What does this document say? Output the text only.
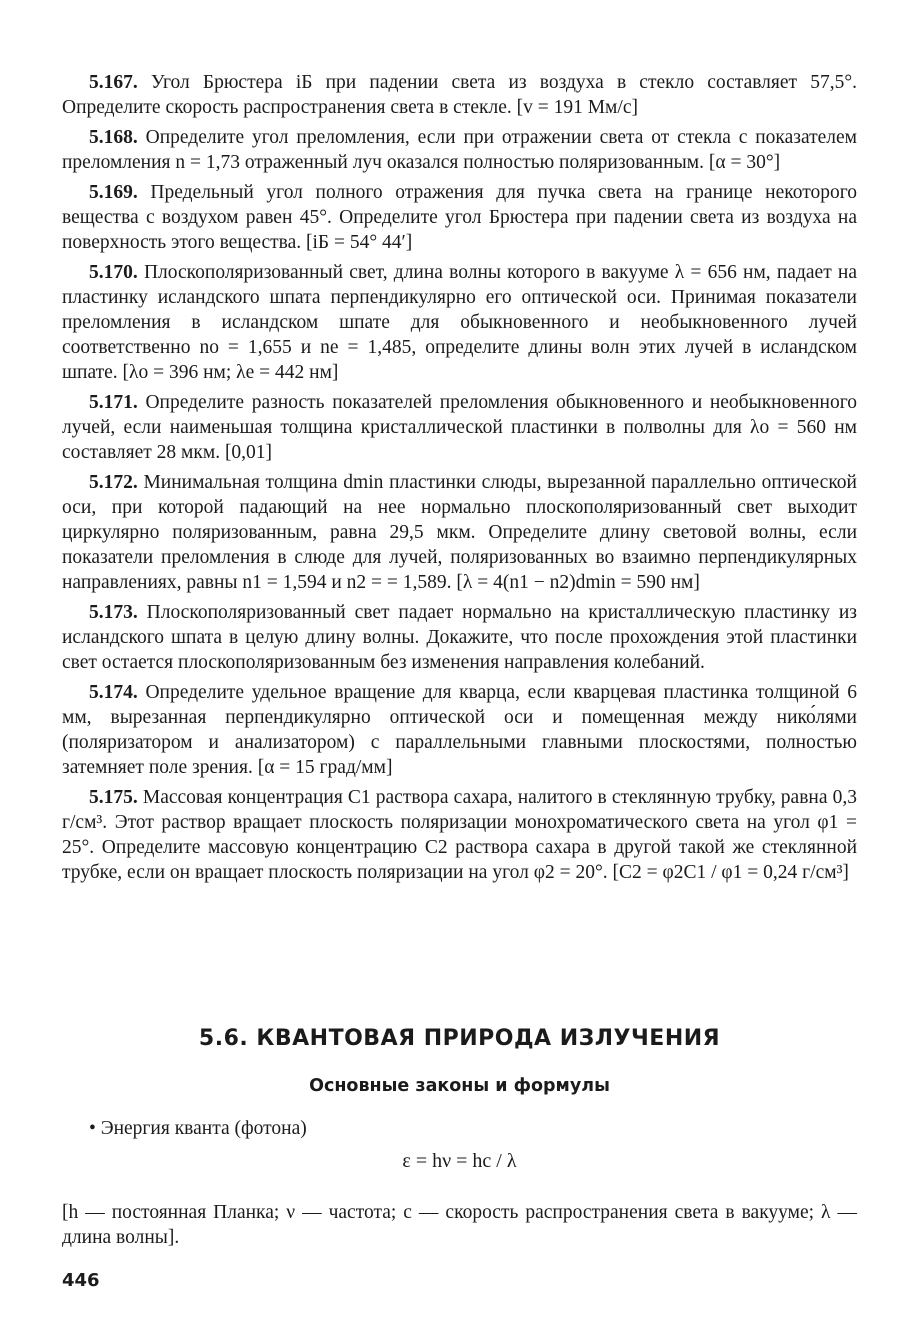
5.167. Угол Брюстера iБ при падении света из воздуха в стекло составляет 57,5°. Определите скорость распространения света в стекле. [v = 191 Мм/с]

5.168. Определите угол преломления, если при отражении света от стекла с показателем преломления n = 1,73 отраженный луч оказался полностью поляризованным. [α = 30°]

5.169. Предельный угол полного отражения для пучка света на границе некоторого вещества с воздухом равен 45°. Определите угол Брюстера при падении света из воздуха на поверхность этого вещества. [iБ = 54° 44′]

5.170. Плоскополяризованный свет, длина волны которого в вакууме λ = 656 нм, падает на пластинку исландского шпата перпендикулярно его оптической оси. Принимая показатели преломления в исландском шпате для обыкновенного и необыкновенного лучей соответственно no = 1,655 и ne = 1,485, определите длины волн этих лучей в исландском шпате. [λo = 396 нм; λe = 442 нм]

5.171. Определите разность показателей преломления обыкновенного и необыкновенного лучей, если наименьшая толщина кристаллической пластинки в полволны для λo = 560 нм составляет 28 мкм. [0,01]

5.172. Минимальная толщина dmin пластинки слюды, вырезанной параллельно оптической оси, при которой падающий на нее нормально плоскополяризованный свет выходит циркулярно поляризованным, равна 29,5 мкм. Определите длину световой волны, если показатели преломления в слюде для лучей, поляризованных во взаимно перпендикулярных направлениях, равны n1 = 1,594 и n2 = = 1,589. [λ = 4(n1 − n2)dmin = 590 нм]

5.173. Плоскополяризованный свет падает нормально на кристаллическую пластинку из исландского шпата в целую длину волны. Докажите, что после прохождения этой пластинки свет остается плоскополяризованным без изменения направления колебаний.

5.174. Определите удельное вращение для кварца, если кварцевая пластинка толщиной 6 мм, вырезанная перпендикулярно оптической оси и помещенная между нико́лями (поляризатором и анализатором) с параллельными главными плоскостями, полностью затемняет поле зрения. [α = 15 град/мм]

5.175. Массовая концентрация C1 раствора сахара, налитого в стеклянную трубку, равна 0,3 г/см³. Этот раствор вращает плоскость поляризации монохроматического света на угол φ1 = 25°. Определите массовую концентрацию C2 раствора сахара в другой такой же стеклянной трубке, если он вращает плоскость поляризации на угол φ2 = 20°. [C2 = φ2C1 / φ1 = 0,24 г/см³]

5.6. КВАНТОВАЯ ПРИРОДА ИЗЛУЧЕНИЯ
Основные законы и формулы
• Энергия кванта (фотона)
ε = hν = hc / λ

[h — постоянная Планка; ν — частота; c — скорость распространения света в вакууме; λ — длина волны].

446
